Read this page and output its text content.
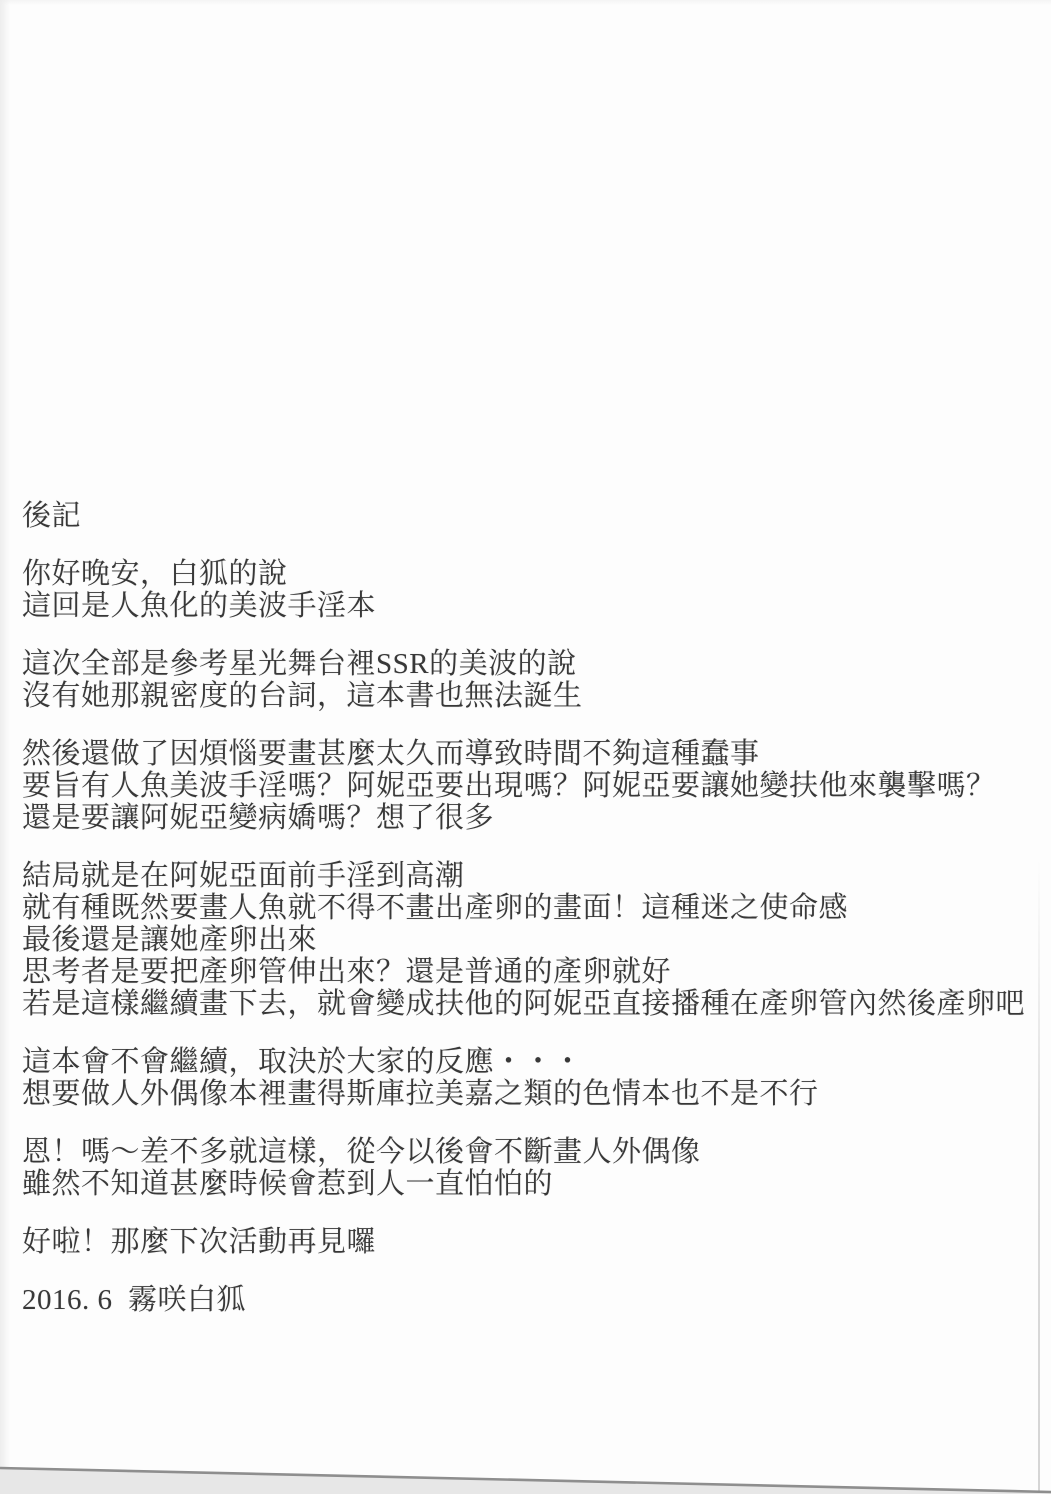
後記

你好晚安，白狐的說
這回是人魚化的美波手淫本

這次全部是參考星光舞台裡SSR的美波的說
沒有她那親密度的台詞，這本書也無法誕生

然後還做了因煩惱要畫甚麼太久而導致時間不夠這種蠢事
要旨有人魚美波手淫嗎？阿妮亞要出現嗎？阿妮亞要讓她變扶他來襲擊嗎？
還是要讓阿妮亞變病嬌嗎？想了很多

結局就是在阿妮亞面前手淫到高潮
就有種既然要畫人魚就不得不畫出產卵的畫面！這種迷之使命感
最後還是讓她產卵出來
思考者是要把產卵管伸出來？還是普通的產卵就好
若是這樣繼續畫下去，就會變成扶他的阿妮亞直接播種在產卵管內然後產卵吧

這本會不會繼續，取決於大家的反應・・・
想要做人外偶像本裡畫得斯庫拉美嘉之類的色情本也不是不行

恩！嗎～差不多就這樣，從今以後會不斷畫人外偶像
雖然不知道甚麼時候會惹到人一直怕怕的

好啦！那麼下次活動再見囉

2016. 6  霧咲白狐
